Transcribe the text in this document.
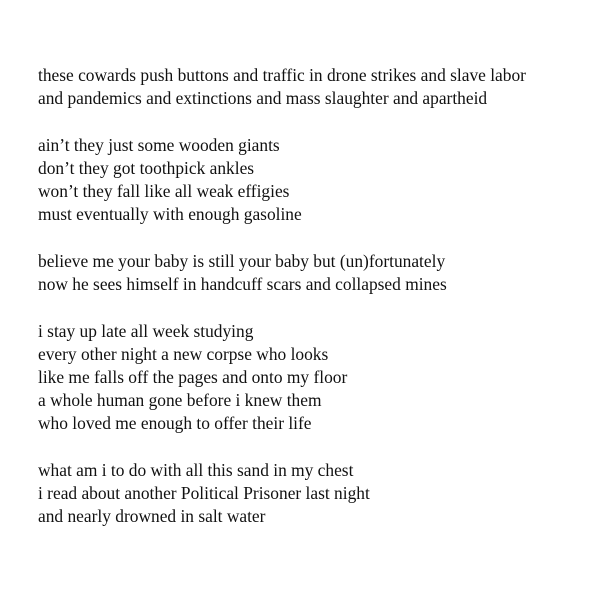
these cowards push buttons and traffic in drone strikes and slave labor
and pandemics and extinctions and mass slaughter and apartheid
ain’t they just some wooden giants
don’t they got toothpick ankles
won’t they fall like all weak effigies
must eventually with enough gasoline
believe me your baby is still your baby but (un)fortunately
now he sees himself in handcuff scars and collapsed mines
i stay up late all week studying
every other night a new corpse who looks
like me falls off the pages and onto my floor
a whole human gone before i knew them
who loved me enough to offer their life
what am i to do with all this sand in my chest
i read about another Political Prisoner last night
and nearly drowned in salt water
